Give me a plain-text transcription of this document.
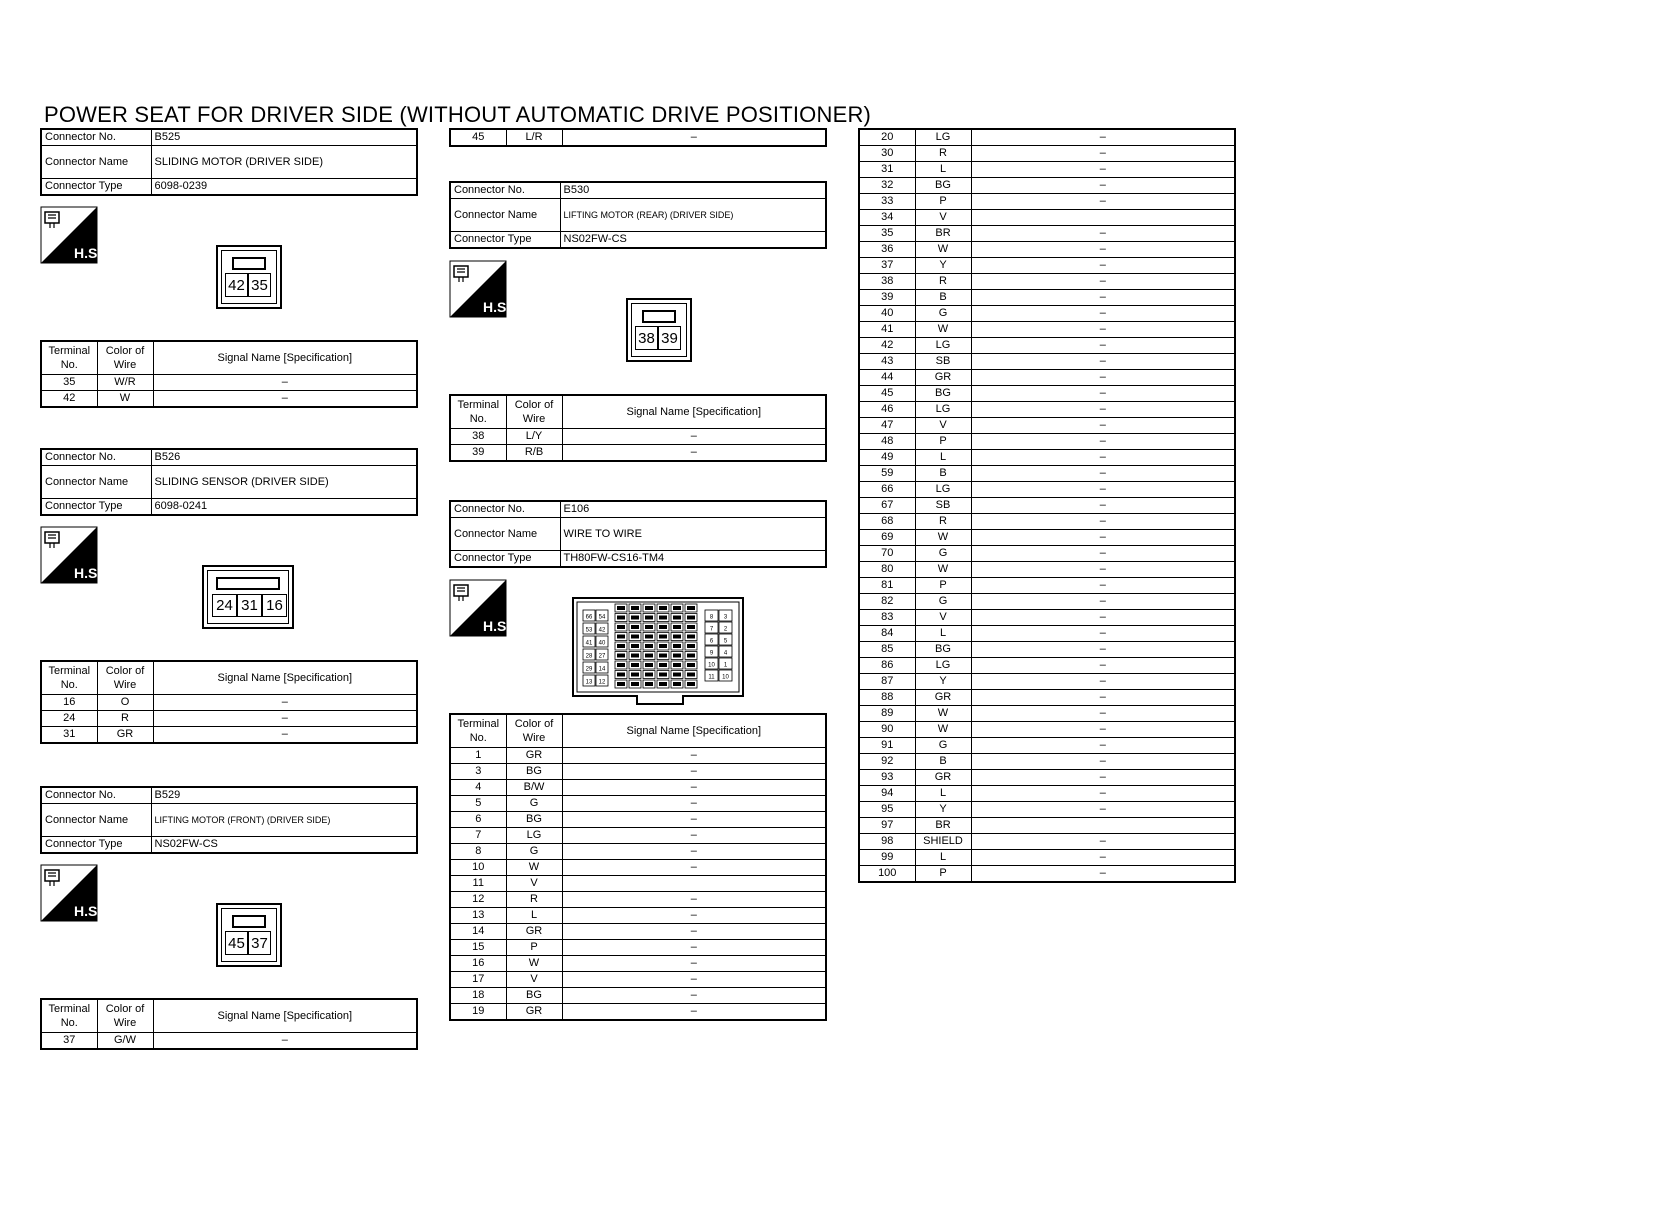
POWER SEAT FOR DRIVER SIDE (WITHOUT AUTOMATIC DRIVE POSITIONER)
Connector No.	B525
Connector Name	SLIDING MOTOR (DRIVER SIDE)
Connector Type	6098-0239
H.S.
42 35
Terminal No.	Color of Wire	Signal Name [Specification]
35	W/R	–
42	W	–
Connector No.	B526
Connector Name	SLIDING SENSOR (DRIVER SIDE)
Connector Type	6098-0241
H.S.
24 31 16
Terminal No.	Color of Wire	Signal Name [Specification]
16	O	–
24	R	–
31	GR	–
Connector No.	B529
Connector Name	LIFTING MOTOR (FRONT) (DRIVER SIDE)
Connector Type	NS02FW-CS
H.S.
45 37
Terminal No.	Color of Wire	Signal Name [Specification]
37	G/W	–
45	L/R	–
Connector No.	B530
Connector Name	LIFTING MOTOR (REAR) (DRIVER SIDE)
Connector Type	NS02FW-CS
H.S.
38 39
Terminal No.	Color of Wire	Signal Name [Specification]
38	L/Y	–
39	R/B	–
Connector No.	E106
Connector Name	WIRE TO WIRE
Connector Type	TH80FW-CS16-TM4
H.S.
66 54
53 42
41 40
28 27
29 14
13 12
8 3
7 2
6 5
9 4
10 1
11 10
Terminal No.	Color of Wire	Signal Name [Specification]
1	GR	–
3	BG	–
4	B/W	–
5	G	–
6	BG	–
7	LG	–
8	G	–
10	W	–
11	V	
12	R	–
13	L	–
14	GR	–
15	P	–
16	W	–
17	V	–
18	BG	–
19	GR	–
20	LG	–
30	R	–
31	L	–
32	BG	–
33	P	–
34	V	
35	BR	–
36	W	–
37	Y	–
38	R	–
39	B	–
40	G	–
41	W	–
42	LG	–
43	SB	–
44	GR	–
45	BG	–
46	LG	–
47	V	–
48	P	–
49	L	–
59	B	–
66	LG	–
67	SB	–
68	R	–
69	W	–
70	G	–
80	W	–
81	P	–
82	G	–
83	V	–
84	L	–
85	BG	–
86	LG	–
87	Y	–
88	GR	–
89	W	–
90	W	–
91	G	–
92	B	–
93	GR	–
94	L	–
95	Y	–
97	BR	
98	SHIELD	–
99	L	–
100	P	–
